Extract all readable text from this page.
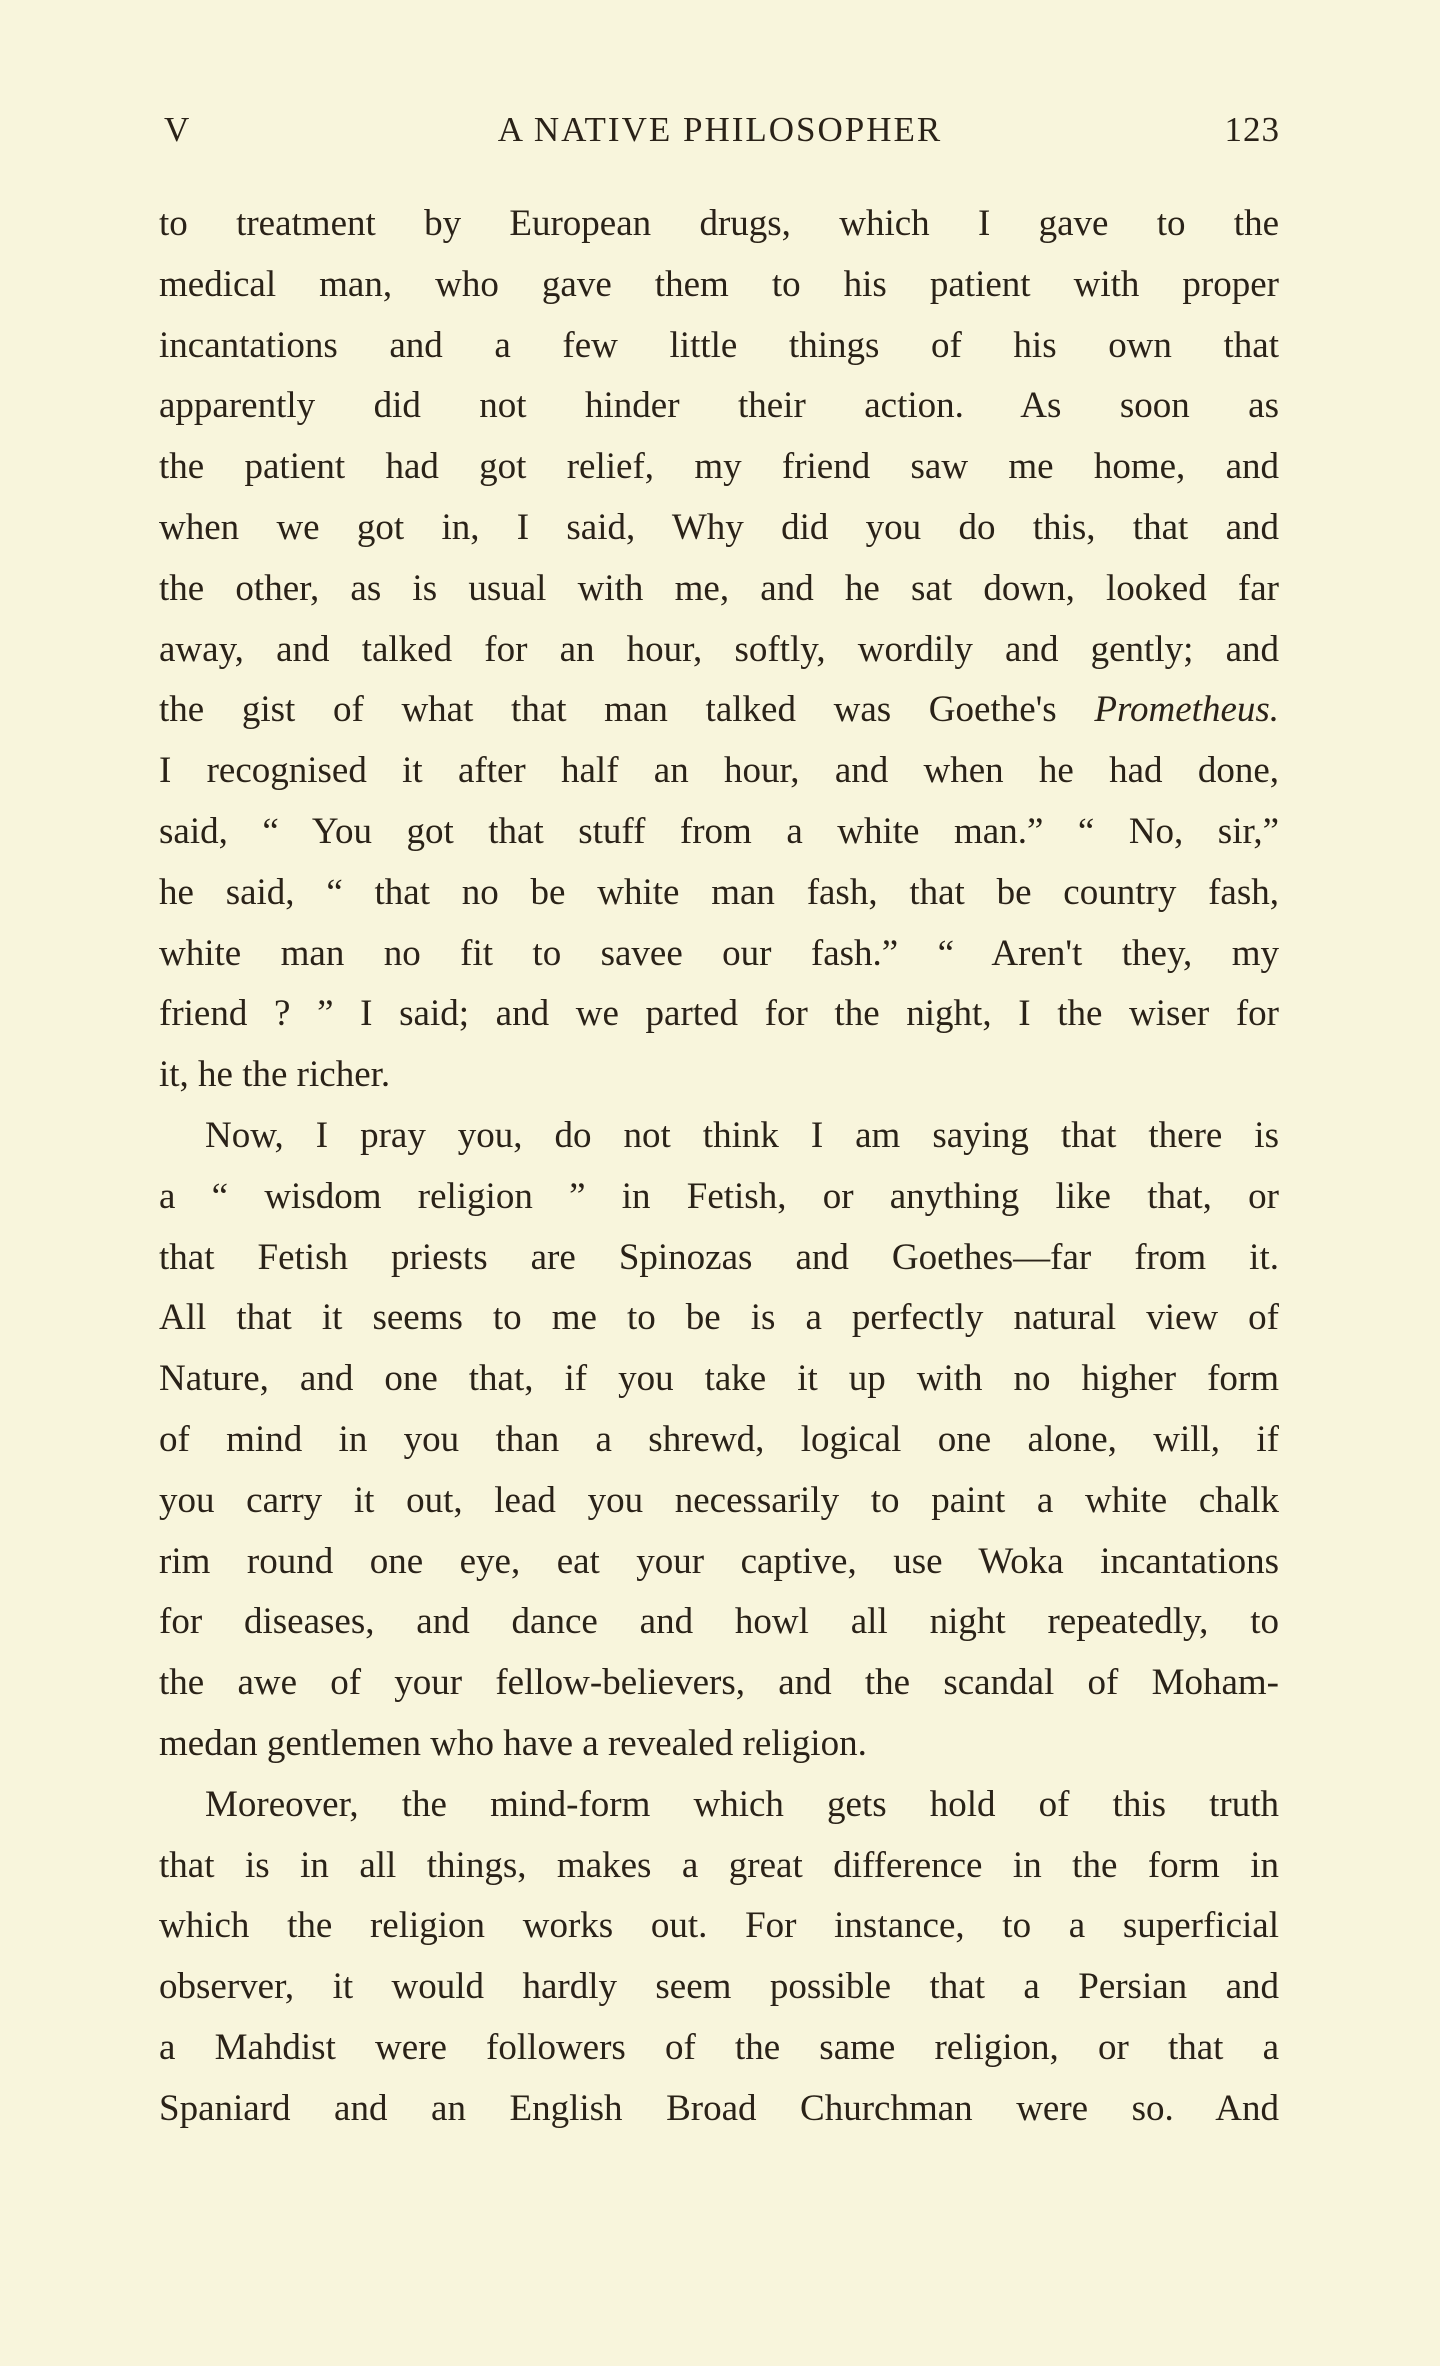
V	A NATIVE PHILOSOPHER	123
to treatment by European drugs, which I gave to the
medical man, who gave them to his patient with proper
incantations and a few little things of his own that
apparently did not hinder their action. As soon as
the patient had got relief, my friend saw me home, and
when we got in, I said, Why did you do this, that and
the other, as is usual with me, and he sat down, looked far
away, and talked for an hour, softly, wordily and gently; and
the gist of what that man talked was Goethe's Prometheus.
I recognised it after half an hour, and when he had done,
said, “ You got that stuff from a white man.” “ No, sir,”
he said, “ that no be white man fash, that be country fash,
white man no fit to savee our fash.” “ Aren't they, my
friend ? ” I said; and we parted for the night, I the wiser for
it, he the richer.
Now, I pray you, do not think I am saying that there is
a “ wisdom religion ” in Fetish, or anything like that, or
that Fetish priests are Spinozas and Goethes—far from it.
All that it seems to me to be is a perfectly natural view of
Nature, and one that, if you take it up with no higher form
of mind in you than a shrewd, logical one alone, will, if
you carry it out, lead you necessarily to paint a white chalk
rim round one eye, eat your captive, use Woka incantations
for diseases, and dance and howl all night repeatedly, to
the awe of your fellow-believers, and the scandal of Moham-
medan gentlemen who have a revealed religion.
Moreover, the mind-form which gets hold of this truth
that is in all things, makes a great difference in the form in
which the religion works out. For instance, to a superficial
observer, it would hardly seem possible that a Persian and
a Mahdist were followers of the same religion, or that a
Spaniard and an English Broad Churchman were so. And
